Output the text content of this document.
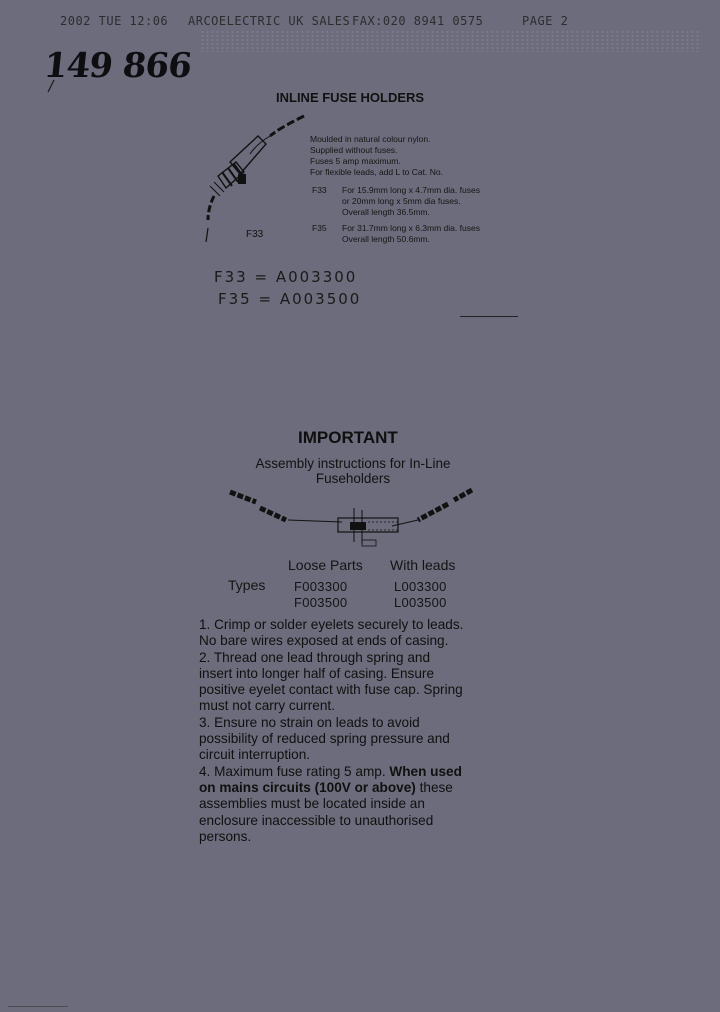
2002 TUE 12:06 ARCOELECTRIC UK SALES FAX:020 8941 0575	PAGE 2
149 866
INLINE FUSE HOLDERS
F33
Moulded in natural colour nylon.
Supplied without fuses.
Fuses 5 amp maximum.
For flexible leads, add L to Cat. No.
F33 For 15.9mm long x 4.7mm dia. fuses
or 20mm long x 5mm dia fuses.
Overall length 36.5mm.
F35 For 31.7mm long x 6.3mm dia. fuses
Overall length 50.6mm.
F33 = A003300
F35 = A003500
IMPORTANT
Assembly instructions for In-Line
Fuseholders
Loose Parts With leads
Types F003300
F003500
L003300
L003500

1. Crimp or solder eyelets securely to leads.

No bare wires exposed at ends of casing.

2. Thread one lead through spring and

insert into longer half of casing. Ensure

positive eyelet contact with fuse cap. Spring

must not carry current.

3. Ensure no strain on leads to avoid

possibility of reduced spring pressure and

circuit interruption.

4. Maximum fuse rating 5 amp. When used

on mains circuits (100V or above) these

assemblies must be located inside an

enclosure inaccessible to unauthorised

persons.
